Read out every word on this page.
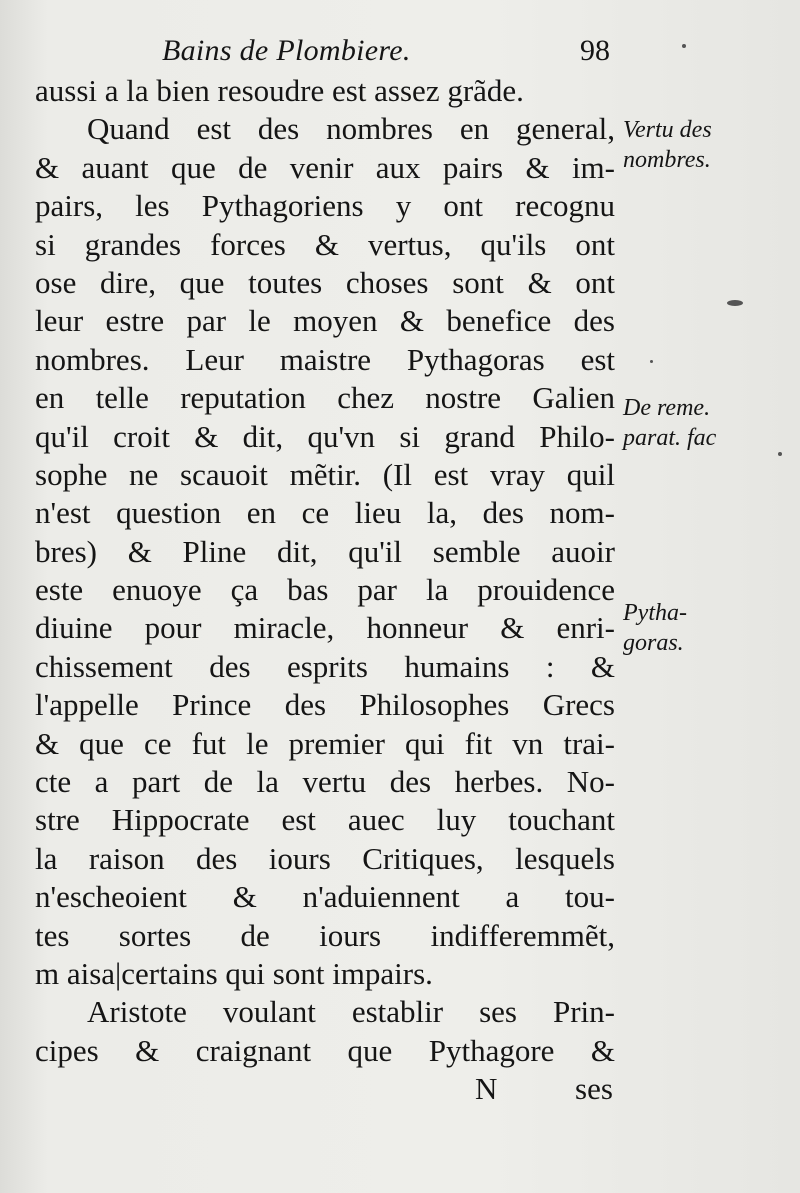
Bains de Plombiere.	98
aussi a la bien resoudre est assez grãde.
Quand est des nombres en general,
& auant que de venir aux pairs & im-
pairs, les Pythagoriens y ont recognu
si grandes forces & vertus, qu'ils ont
ose dire, que toutes choses sont & ont
leur estre par le moyen & benefice des
nombres. Leur maistre Pythagoras est
en telle reputation chez nostre Galien
qu'il croit & dit, qu'vn si grand Philo-
sophe ne scauoit mẽtir. (Il est vray quil
n'est question en ce lieu la, des nom-
bres) & Pline dit, qu'il semble auoir
este enuoye ça bas par la prouidence
diuine pour miracle, honneur & enri-
chissement des esprits humains : &
l'appelle Prince des Philosophes Grecs
& que ce fut le premier qui fit vn trai-
cte a part de la vertu des herbes. No-
stre Hippocrate est auec luy touchant
la raison des iours Critiques, lesquels
n'escheoient & n'aduiennent a tou-
tes sortes de iours indifferemmẽt,
m aisa|certains qui sont impairs.
Aristote voulant establir ses Prin-
cipes & craignant que Pythagore &
N	ses
Vertu des
nombres.
De reme.
parat. fac
Pytha-
goras.
